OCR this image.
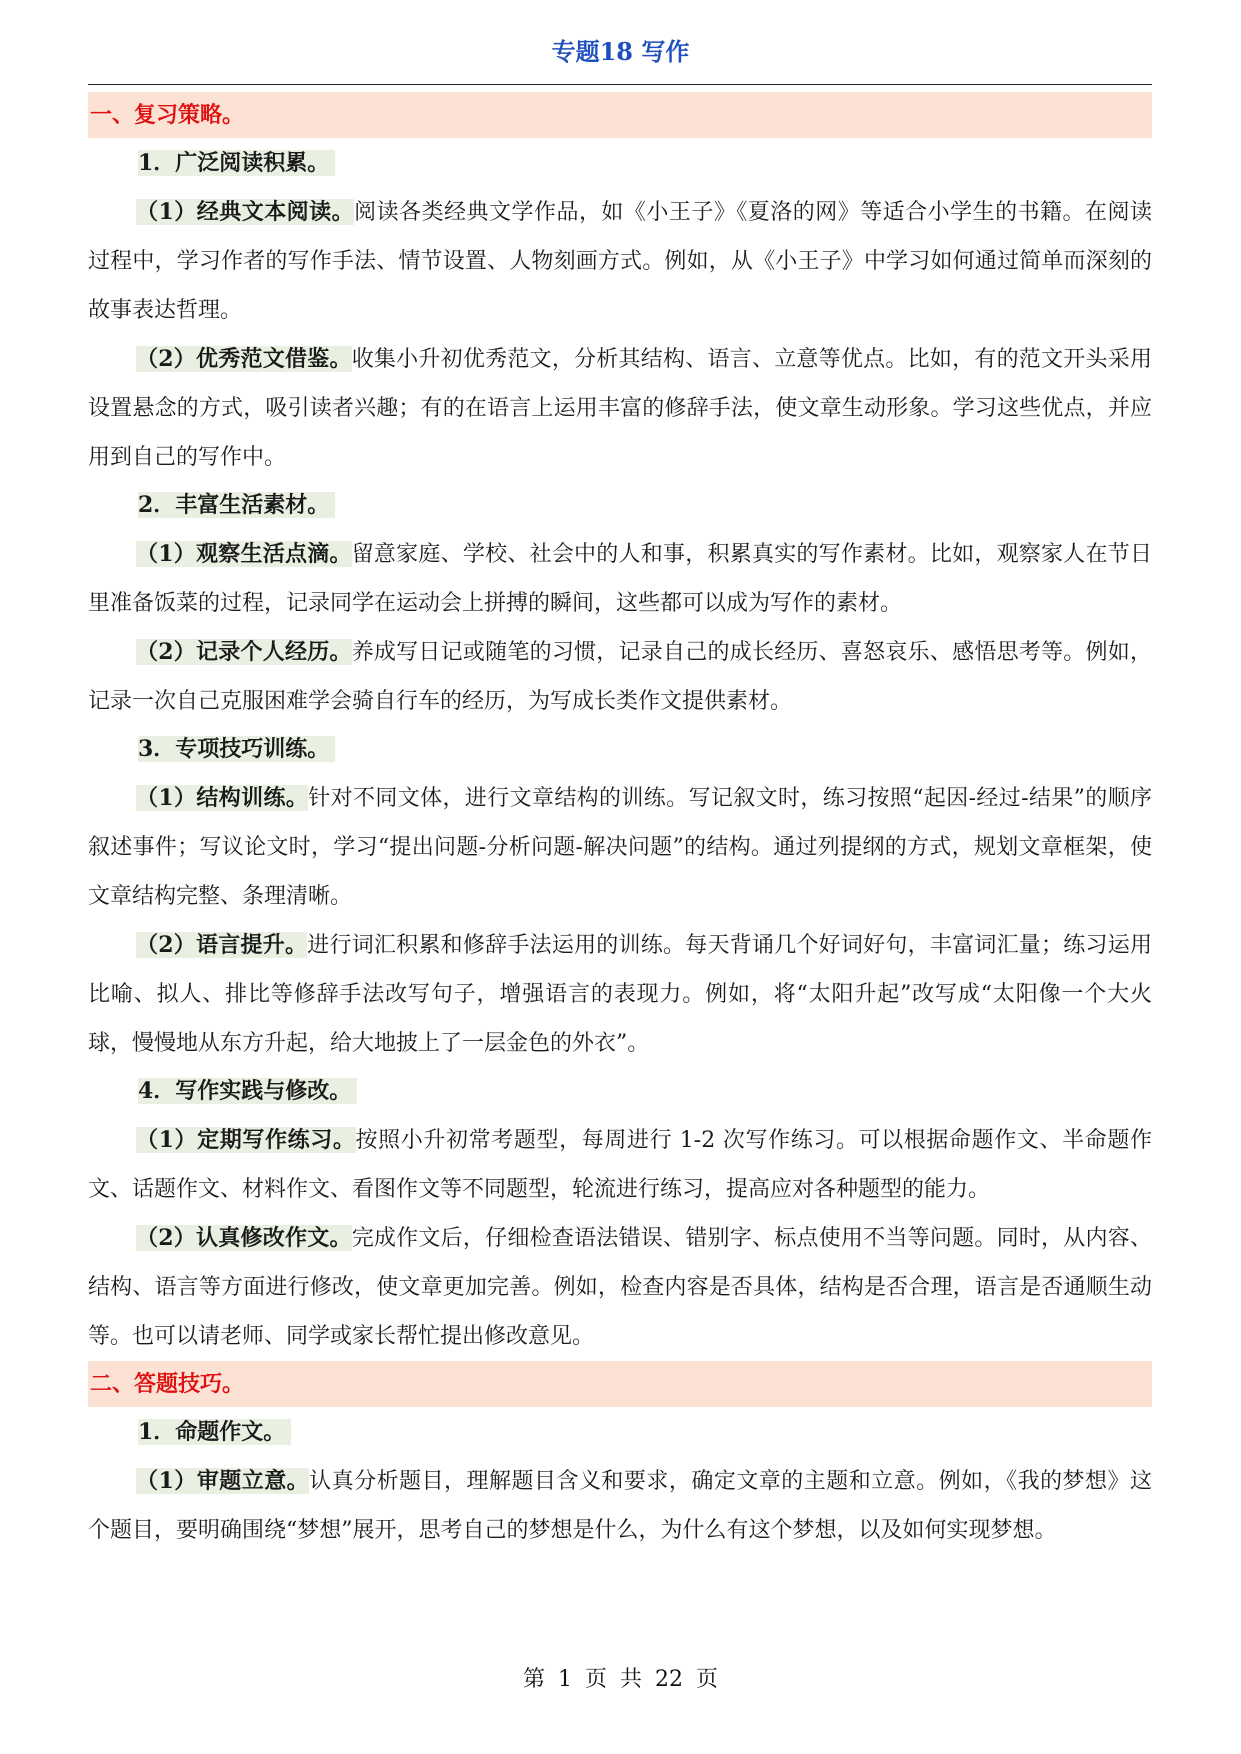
专题18 写作
一、复习策略。
1．广泛阅读积累。

（1）经典文本阅读。阅读各类经典文学作品，如《小王子》《夏洛的网》等适合小学生的书籍。在阅读过程中，学习作者的写作手法、情节设置、人物刻画方式。例如，从《小王子》中学习如何通过简单而深刻的故事表达哲理。

（2）优秀范文借鉴。收集小升初优秀范文，分析其结构、语言、立意等优点。比如，有的范文开头采用设置悬念的方式，吸引读者兴趣；有的在语言上运用丰富的修辞手法，使文章生动形象。学习这些优点，并应用到自己的写作中。

2．丰富生活素材。

（1）观察生活点滴。留意家庭、学校、社会中的人和事，积累真实的写作素材。比如，观察家人在节日里准备饭菜的过程，记录同学在运动会上拼搏的瞬间，这些都可以成为写作的素材。

（2）记录个人经历。养成写日记或随笔的习惯，记录自己的成长经历、喜怒哀乐、感悟思考等。例如，记录一次自己克服困难学会骑自行车的经历，为写成长类作文提供素材。

3．专项技巧训练。

（1）结构训练。针对不同文体，进行文章结构的训练。写记叙文时，练习按照“起因-经过-结果”的顺序叙述事件；写议论文时，学习“提出问题-分析问题-解决问题”的结构。通过列提纲的方式，规划文章框架，使文章结构完整、条理清晰。

（2）语言提升。进行词汇积累和修辞手法运用的训练。每天背诵几个好词好句，丰富词汇量；练习运用比喻、拟人、排比等修辞手法改写句子，增强语言的表现力。例如，将“太阳升起”改写成“太阳像一个大火球，慢慢地从东方升起，给大地披上了一层金色的外衣”。

4．写作实践与修改。

（1）定期写作练习。按照小升初常考题型，每周进行 1-2 次写作练习。可以根据命题作文、半命题作文、话题作文、材料作文、看图作文等不同题型，轮流进行练习，提高应对各种题型的能力。

（2）认真修改作文。完成作文后，仔细检查语法错误、错别字、标点使用不当等问题。同时，从内容、结构、语言等方面进行修改，使文章更加完善。例如，检查内容是否具体，结构是否合理，语言是否通顺生动等。也可以请老师、同学或家长帮忙提出修改意见。

二、答题技巧。
1．命题作文。

（1）审题立意。认真分析题目，理解题目含义和要求，确定文章的主题和立意。例如，《我的梦想》这个题目，要明确围绕“梦想”展开，思考自己的梦想是什么，为什么有这个梦想，以及如何实现梦想。

第 1 页 共 22 页
